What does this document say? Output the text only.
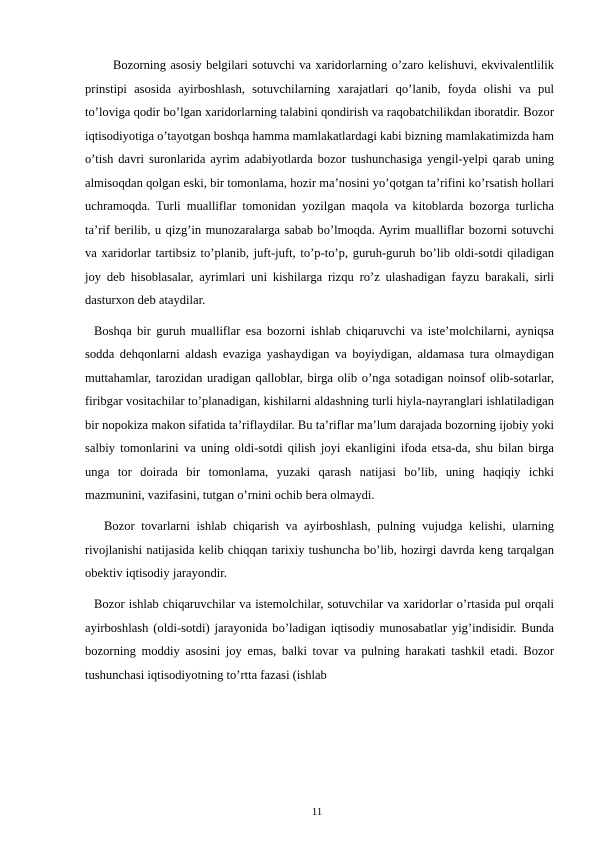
Bozorning asosiy belgilari sotuvchi va xaridorlarning o’zaro kelishuvi, ekvivalentlilik prinstipi asosida ayirboshlash, sotuvchilarning xarajatlari qo’lanib, foyda olishi va pul to’loviga qodir bo’lgan xaridorlarning talabini qondirish va raqobatchilikdan iboratdir. Bozor iqtisodiyotiga o’tayotgan boshqa hamma mamlakatlardagi kabi bizning mamlakatimizda ham o’tish davri suronlarida ayrim adabiyotlarda bozor tushunchasiga yengil-yelpi qarab uning almisoqdan qolgan eski, bir tomonlama, hozir ma’nosini yo’qotgan ta’rifini ko’rsatish hollari uchramoqda. Turli mualliflar tomonidan yozilgan maqola va kitoblarda bozorga turlicha ta’rif berilib, u qizg’in munozaralarga sabab bo’lmoqda. Ayrim mualliflar bozorni sotuvchi va xaridorlar tartibsiz to’planib, juft-juft, to’p-to’p, guruh-guruh bo’lib oldi-sotdi qiladigan joy deb hisoblasalar, ayrimlari uni kishilarga rizqu ro’z ulashadigan fayzu barakali, sirli dasturxon deb ataydilar.

Boshqa bir guruh mualliflar esa bozorni ishlab chiqaruvchi va iste’molchilarni, ayniqsa sodda dehqonlarni aldash evaziga yashaydigan va boyiydigan, aldamasa tura olmaydigan muttahamlar, tarozidan uradigan qalloblar, birga olib o’nga sotadigan noinsof olib-sotarlar, firibgar vositachilar to’planadigan, kishilarni aldashning turli hiyla-nayranglari ishlatiladigan bir nopokiza makon sifatida ta’riflaydilar. Bu ta’riflar ma’lum darajada bozorning ijobiy yoki salbiy tomonlarini va uning oldi-sotdi qilish joyi ekanligini ifoda etsa-da, shu bilan birga unga tor doirada bir tomonlama, yuzaki qarash natijasi bo’lib, uning haqiqiy ichki mazmunini, vazifasini, tutgan o’rnini ochib bera olmaydi.

Bozor tovarlarni ishlab chiqarish va ayirboshlash, pulning vujudga kelishi, ularning rivojlanishi natijasida kelib chiqqan tarixiy tushuncha bo’lib, hozirgi davrda keng tarqalgan obektiv iqtisodiy jarayondir.

Bozor ishlab chiqaruvchilar va istemolchilar, sotuvchilar va xaridorlar o’rtasida pul orqali ayirboshlash (oldi-sotdi) jarayonida bo’ladigan iqtisodiy munosabatlar yig’indisidir. Bunda bozorning moddiy asosini joy emas, balki tovar va pulning harakati tashkil etadi. Bozor tushunchasi iqtisodiyotning to’rtta fazasi (ishlab

11
